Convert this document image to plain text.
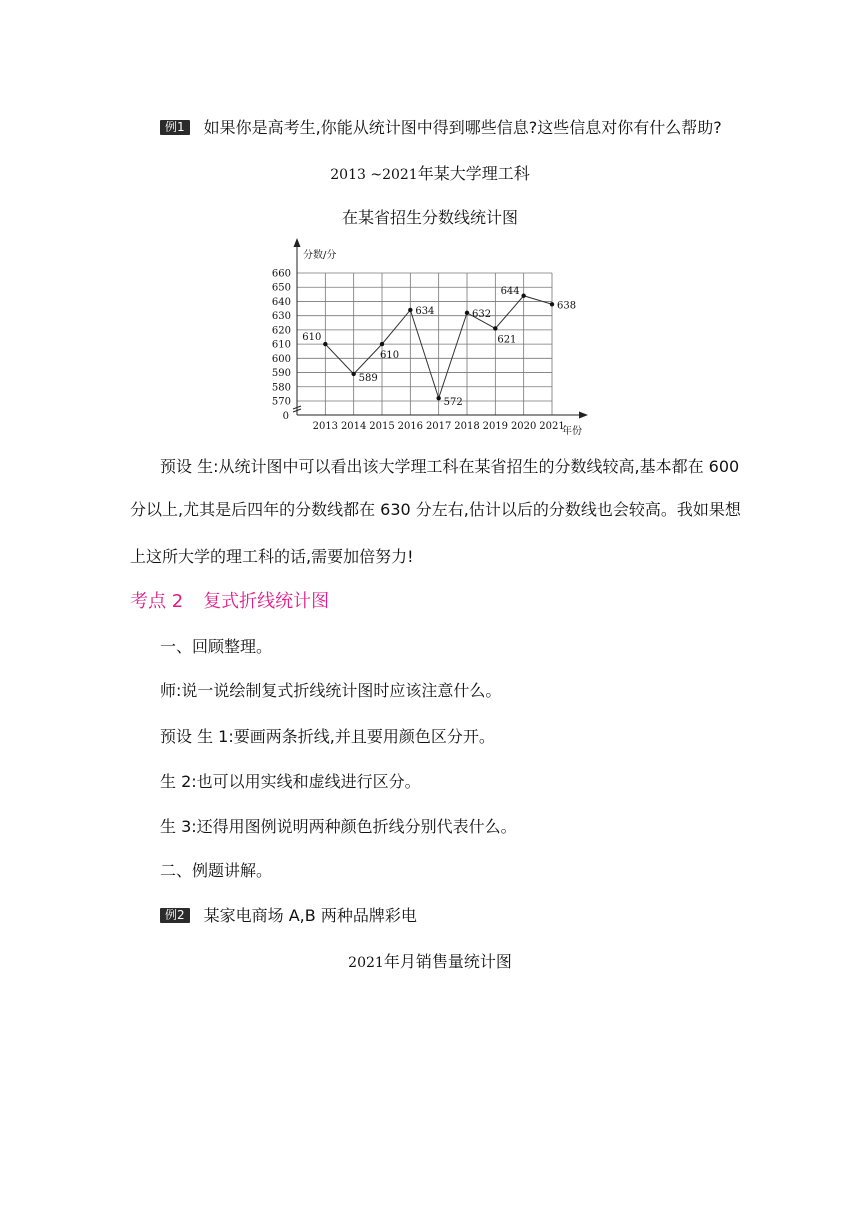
例1 如果你是高考生,你能从统计图中得到哪些信息?这些信息对你有什么帮助?
2013 ~2021年某大学理工科
在某省招生分数线统计图
分数/分
年份
0
570
580
590
600
610
620
630
640
650
660
2013 2014 2015 2016 2017 2018 2019 2020 2021
610
589
610
634
572
632
621
644
638
预设 生:从统计图中可以看出该大学理工科在某省招生的分数线较高,基本都在 600
分以上,尤其是后四年的分数线都在 630 分左右,估计以后的分数线也会较高。我如果想
上这所大学的理工科的话,需要加倍努力!
考点 2 复式折线统计图
一、回顾整理。
师:说一说绘制复式折线统计图时应该注意什么。
预设 生 1:要画两条折线,并且要用颜色区分开。
生 2:也可以用实线和虚线进行区分。
生 3:还得用图例说明两种颜色折线分别代表什么。
二、例题讲解。
例2 某家电商场 A,B 两种品牌彩电
2021年月销售量统计图
